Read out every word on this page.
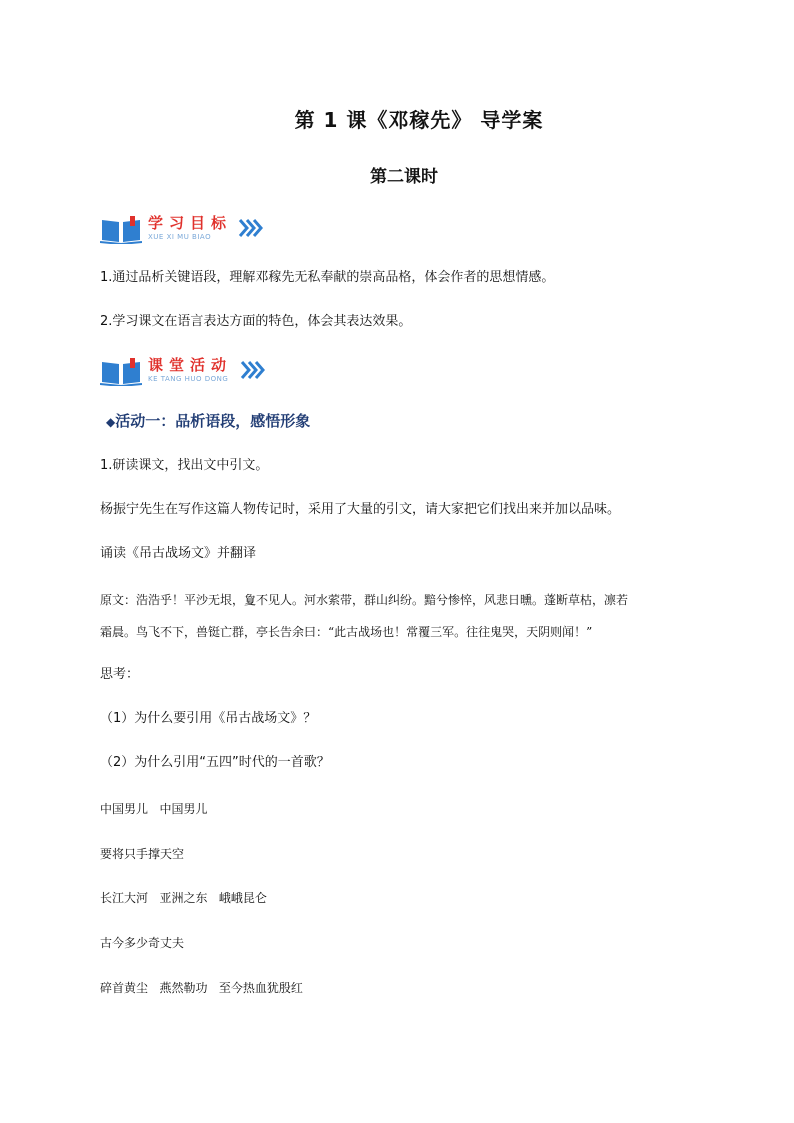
第 1 课《邓稼先》 导学案
第二课时
学习目标
XUE XI MU BIAO
1.通过品析关键语段，理解邓稼先无私奉献的崇高品格，体会作者的思想情感。
2.学习课文在语言表达方面的特色，体会其表达效果。
课堂活动
KE TANG HUO DONG
◆活动一：品析语段，感悟形象
1.研读课文，找出文中引文。
杨振宁先生在写作这篇人物传记时，采用了大量的引文，请大家把它们找出来并加以品味。
诵读《吊古战场文》并翻译
原文：浩浩乎！平沙无垠，夐不见人。河水萦带，群山纠纷。黯兮惨悴，风悲日曛。蓬断草枯，凛若
霜晨。鸟飞不下，兽铤亡群，亭长告余曰：“此古战场也！常覆三军。往往鬼哭，天阴则闻！”
思考：
（1）为什么要引用《吊古战场文》？
（2）为什么引用“五四”时代的一首歌？
中国男儿   中国男儿
要将只手撑天空
长江大河   亚洲之东   峨峨昆仑
古今多少奇丈夫
碎首黄尘   燕然勒功   至今热血犹殷红
